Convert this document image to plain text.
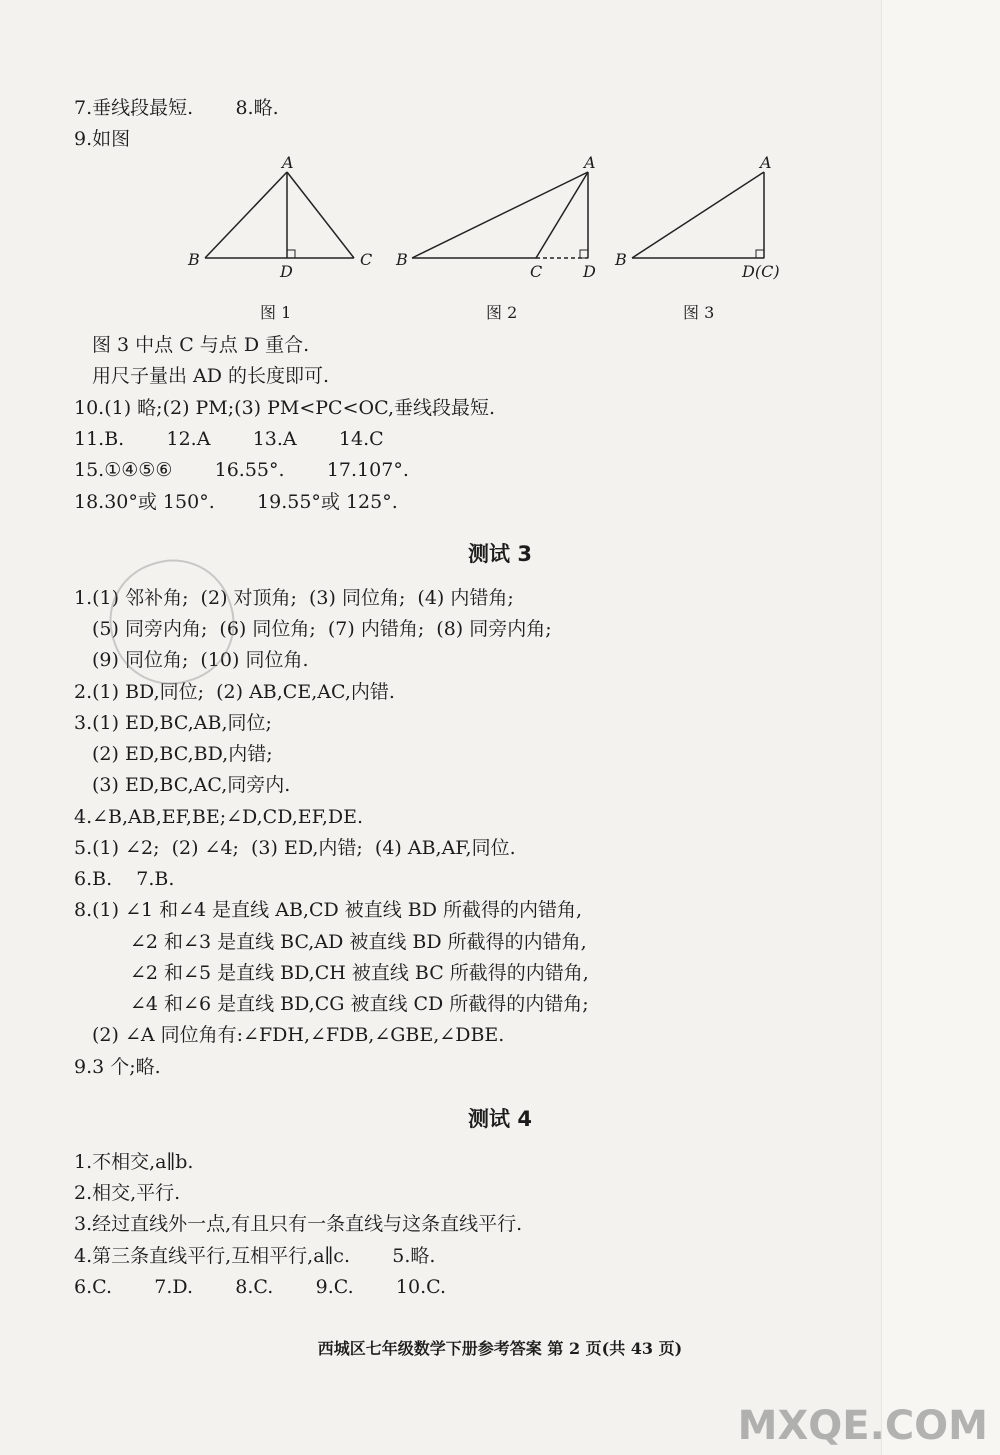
7.垂线段最短.       8.略.
9.如图
A
B	C
D
A
B
C	D
A
B
D(C)
图 1	图 2	图 3
图 3 中点 C 与点 D 重合.
用尺子量出 AD 的长度即可.
10.(1) 略;(2) PM;(3) PM<PC<OC,垂线段最短.
11.B.       12.A       13.A       14.C
15.①④⑤⑥       16.55°.       17.107°.
18.30°或 150°.       19.55°或 125°.
测试 3
1.(1) 邻补角;  (2) 对顶角;  (3) 同位角;  (4) 内错角;
(5) 同旁内角;  (6) 同位角;  (7) 内错角;  (8) 同旁内角;
(9) 同位角;  (10) 同位角.
2.(1) BD,同位;  (2) AB,CE,AC,内错.
3.(1) ED,BC,AB,同位;
(2) ED,BC,BD,内错;
(3) ED,BC,AC,同旁内.
4.∠B,AB,EF,BE;∠D,CD,EF,DE.
5.(1) ∠2;  (2) ∠4;  (3) ED,内错;  (4) AB,AF,同位.
6.B.    7.B.
8.(1) ∠1 和∠4 是直线 AB,CD 被直线 BD 所截得的内错角,
∠2 和∠3 是直线 BC,AD 被直线 BD 所截得的内错角,
∠2 和∠5 是直线 BD,CH 被直线 BC 所截得的内错角,
∠4 和∠6 是直线 BD,CG 被直线 CD 所截得的内错角;
(2) ∠A 同位角有:∠FDH,∠FDB,∠GBE,∠DBE.
9.3 个;略.
测试 4
1.不相交,a∥b.
2.相交,平行.
3.经过直线外一点,有且只有一条直线与这条直线平行.
4.第三条直线平行,互相平行,a∥c.       5.略.
6.C.       7.D.       8.C.       9.C.       10.C.
西城区七年级数学下册参考答案 第 2 页(共 43 页)
MXQE.COM
